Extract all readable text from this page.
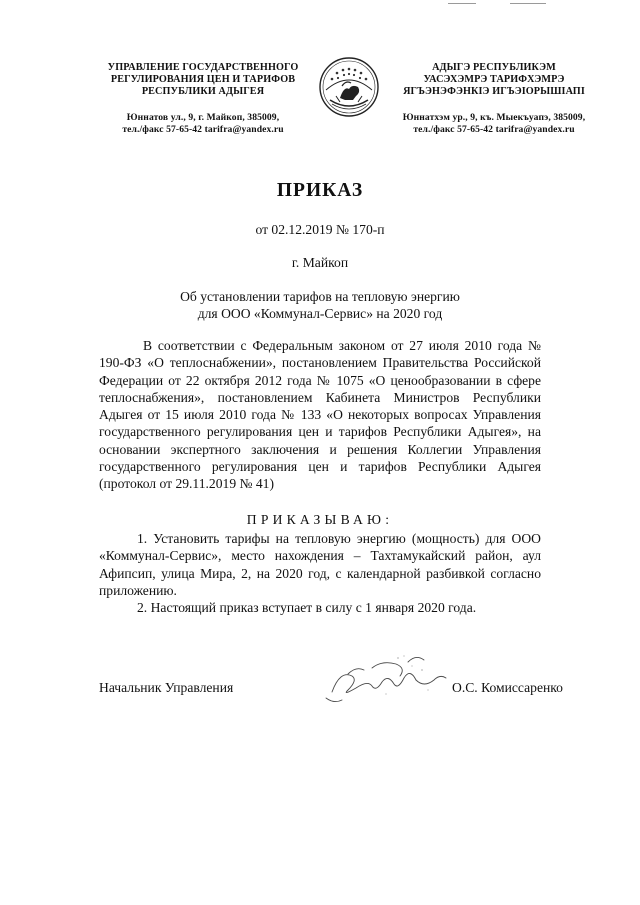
УПРАВЛЕНИЕ ГОСУДАРСТВЕННОГО
РЕГУЛИРОВАНИЯ ЦЕН И ТАРИФОВ
РЕСПУБЛИКИ АДЫГЕЯ
Юннатов ул., 9, г. Майкоп, 385009,
тел./факс 57-65-42 tarifra@yandex.ru
АДЫГЭ РЕСПУБЛИКЭМ
УАСЭХЭМРЭ ТАРИФХЭМРЭ
ЯГЪЭНЭФЭНКIЭ ИГЪЭIОРЫШIАПI
Юннатхэм ур., 9, къ. Мыекъуапэ, 385009,
тел./факс 57-65-42 tarifra@yandex.ru
ПРИКАЗ
от 02.12.2019 № 170-п
г. Майкоп
Об установлении тарифов на тепловую энергию
для ООО «Коммунал-Сервис» на 2020 год

В соответствии с Федеральным законом от 27 июля 2010 года № 190-ФЗ «О теплоснабжении», постановлением Правительства Российской Федерации от 22 октября 2012 года № 1075 «О ценообразовании в сфере теплоснабжения», постановлением Кабинета Министров Республики Адыгея от 15 июля 2010 года № 133 «О некоторых вопросах Управления государственного регулирования цен и тарифов Республики Адыгея», на основании экспертного заключения и решения Коллегии Управления государственного регулирования цен и тарифов Республики Адыгея (протокол от 29.11.2019 № 41)

ПРИКАЗЫВАЮ:

1. Установить тарифы на тепловую энергию (мощность) для ООО «Коммунал-Сервис», место нахождения – Тахтамукайский район, аул Афипсип, улица Мира, 2, на 2020 год, с календарной разбивкой согласно приложению.

2. Настоящий приказ вступает в силу с 1 января 2020 года.

Начальник Управления	О.С. Комиссаренко
